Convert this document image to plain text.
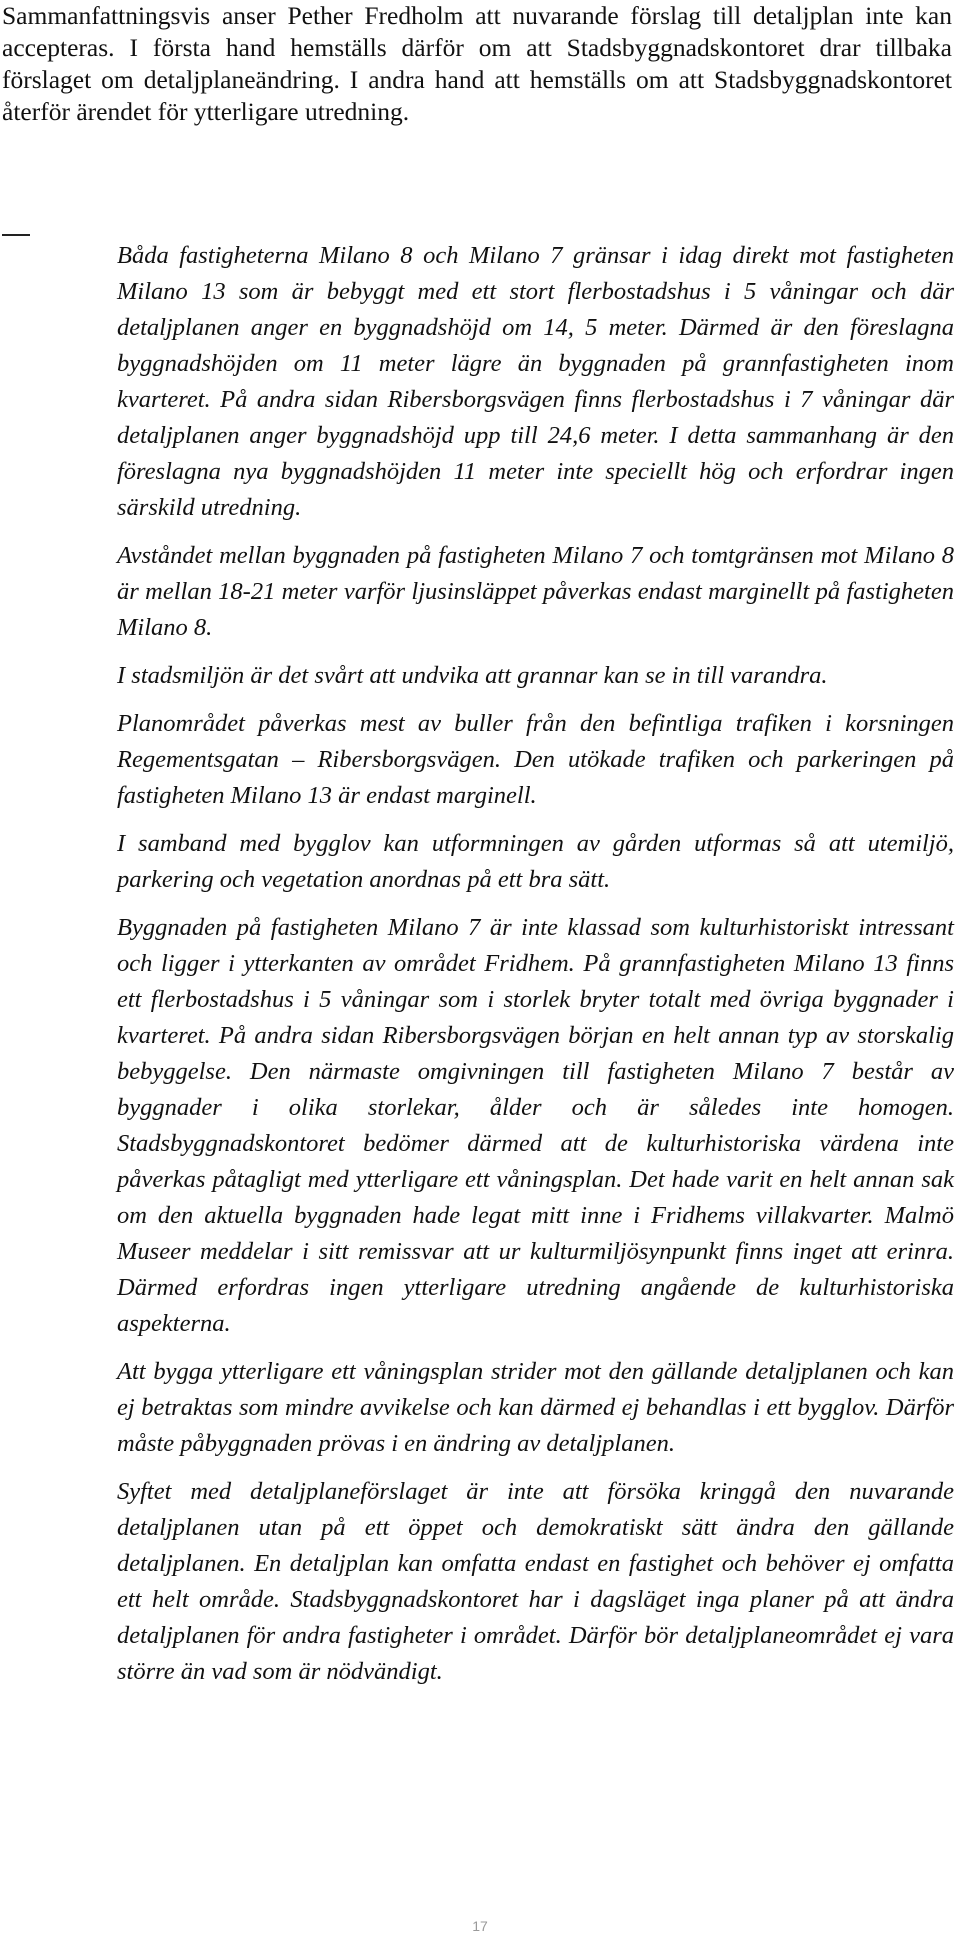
Sammanfattningsvis anser Pether Fredholm att nuvarande förslag till detaljplan inte kan accepteras. I första hand hemställs därför om att Stadsbyggnadskontoret drar tillbaka förslaget om detaljplaneändring. I andra hand att hemställs om att Stadsbyggnadskontoret återför ärendet för ytterligare utredning.

Båda fastigheterna Milano 8 och Milano 7 gränsar i idag direkt mot fastigheten Milano 13 som är bebyggt med ett stort flerbostadshus i 5 våningar och där detaljplanen anger en byggnadshöjd om 14, 5 meter. Därmed är den föreslagna byggnadshöjden om 11 meter lägre än byggnaden på grannfastigheten inom kvarteret. På andra sidan Ribersborgsvägen finns flerbostadshus i 7 våningar där detaljplanen anger byggnadshöjd upp till 24,6 meter. I detta sammanhang är den föreslagna nya byggnadshöjden 11 meter inte speciellt hög och erfordrar ingen särskild utredning.

Avståndet mellan byggnaden på fastigheten Milano 7 och tomtgränsen mot Milano 8 är mellan 18-21 meter varför ljusinsläppet påverkas endast marginellt på fastigheten Milano 8.

I stadsmiljön är det svårt att undvika att grannar kan se in till varandra.

Planområdet påverkas mest av buller från den befintliga trafiken i korsningen Regementsgatan – Ribersborgsvägen. Den utökade trafiken och parkeringen på fastigheten Milano 13 är endast marginell.

I samband med bygglov kan utformningen av gården utformas så att utemiljö, parkering och vegetation anordnas på ett bra sätt.

Byggnaden på fastigheten Milano 7 är inte klassad som kulturhistoriskt intressant och ligger i ytterkanten av området Fridhem. På grannfastigheten Milano 13 finns ett flerbostadshus i 5 våningar som i storlek bryter totalt med övriga byggnader i kvarteret. På andra sidan Ribersborgsvägen början en helt annan typ av storskalig bebyggelse. Den närmaste omgivningen till fastigheten Milano 7 består av byggnader i olika storlekar, ålder och är således inte homogen. Stadsbyggnadskontoret bedömer därmed att de kulturhistoriska värdena inte påverkas påtagligt med ytterligare ett våningsplan. Det hade varit en helt annan sak om den aktuella byggnaden hade legat mitt inne i Fridhems villakvarter. Malmö Museer meddelar i sitt remissvar att ur kulturmiljösynpunkt finns inget att erinra. Därmed erfordras ingen ytterligare utredning angående de kulturhistoriska aspekterna.

Att bygga ytterligare ett våningsplan strider mot den gällande detaljplanen och kan ej betraktas som mindre avvikelse och kan därmed ej behandlas i ett bygglov. Därför måste påbyggnaden prövas i en ändring av detaljplanen.

Syftet med detaljplaneförslaget är inte att försöka kringgå den nuvarande detaljplanen utan på ett öppet och demokratiskt sätt ändra den gällande detaljplanen. En detaljplan kan omfatta endast en fastighet och behöver ej omfatta ett helt område. Stadsbyggnadskontoret har i dagsläget inga planer på att ändra detaljplanen för andra fastigheter i området. Därför bör detaljplaneområdet ej vara större än vad som är nödvändigt.

17
